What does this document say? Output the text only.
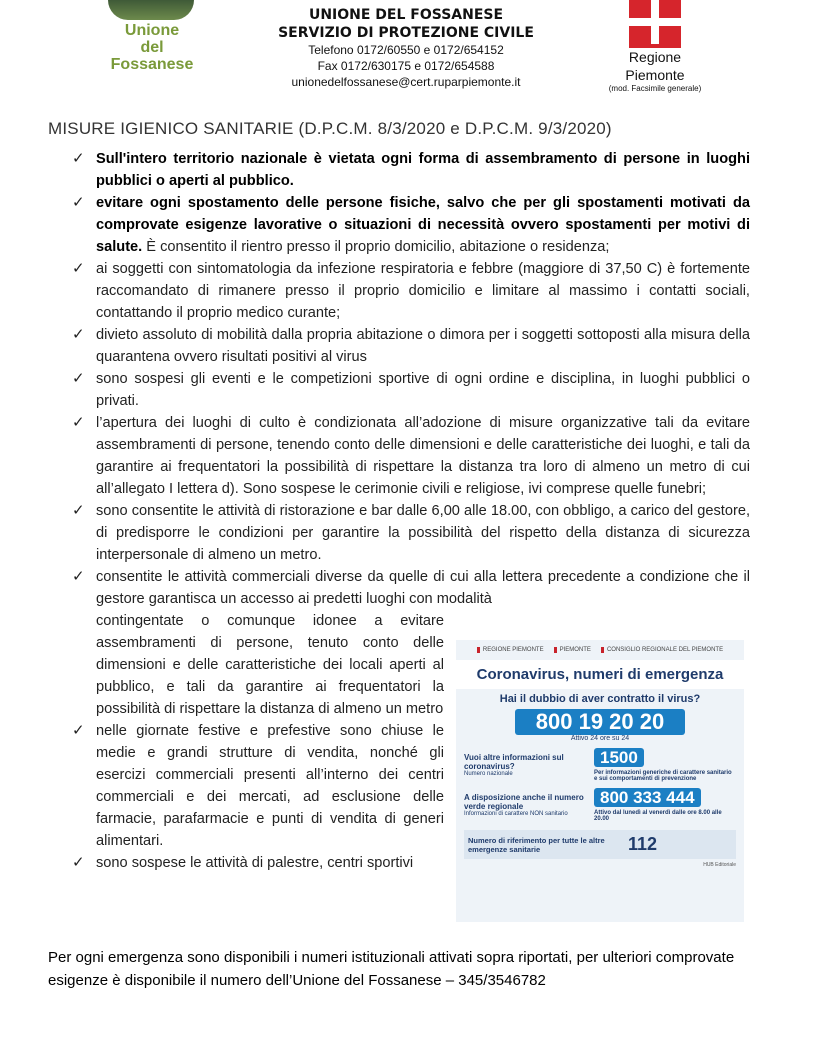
Unione
del
Fossanese
UNIONE DEL FOSSANESE
SERVIZIO DI PROTEZIONE CIVILE
Telefono 0172/60550 e 0172/654152
Fax 0172/630175 e 0172/654588
unionedelfossanese@cert.ruparpiemonte.it
Regione
Piemonte
(mod. Facsimile generale)
MISURE IGIENICO SANITARIE (D.P.C.M. 8/3/2020 e D.P.C.M. 9/3/2020)
✓ Sull'intero territorio nazionale è vietata ogni forma di assembramento di persone in luoghi pubblici o aperti al pubblico.
✓ evitare ogni spostamento delle persone fisiche, salvo che per gli spostamenti motivati da comprovate esigenze lavorative o situazioni di necessità ovvero spostamenti per motivi di salute. È consentito il rientro presso il proprio domicilio, abitazione o residenza;
✓ ai soggetti con sintomatologia da infezione respiratoria e febbre (maggiore di 37,50 C) è fortemente raccomandato di rimanere presso il proprio domicilio e limitare al massimo i contatti sociali, contattando il proprio medico curante;
✓ divieto assoluto di mobilità dalla propria abitazione o dimora per i soggetti sottoposti alla misura della quarantena ovvero risultati positivi al virus
✓ sono sospesi gli eventi e le competizioni sportive di ogni ordine e disciplina, in luoghi pubblici o privati.
✓ l’apertura dei luoghi di culto è condizionata all’adozione di misure organizzative tali da evitare assembramenti di persone, tenendo conto delle dimensioni e delle caratteristiche dei luoghi, e tali da garantire ai frequentatori la possibilità di rispettare la distanza tra loro di almeno un metro di cui all’allegato I lettera d). Sono sospese le cerimonie civili e religiose, ivi comprese quelle funebri;
✓ sono consentite le attività di ristorazione e bar dalle 6,00 alle 18.00, con obbligo, a carico del gestore, di predisporre le condizioni per garantire la possibilità del rispetto della distanza di sicurezza interpersonale di almeno un metro.
✓ consentite le attività commerciali diverse da quelle di cui alla lettera precedente a condizione che il gestore garantisca un accesso ai predetti luoghi con modalità
contingentate o comunque idonee a evitare assembramenti di persone, tenuto conto delle dimensioni e delle caratteristiche dei locali aperti al pubblico, e tali da garantire ai frequentatori la possibilità di rispettare la distanza di almeno un metro
✓ nelle giornate festive e prefestive sono chiuse le medie e grandi strutture di vendita, nonché gli esercizi commerciali presenti all’interno dei centri commerciali e dei mercati, ad esclusione delle farmacie, parafarmacie e punti di vendita di generi alimentari.
✓ sono sospese le attività di palestre, centri sportivi
REGIONE PIEMONTE	PIEMONTE	CONSIGLIO REGIONALE DEL PIEMONTE
Coronavirus, numeri di emergenza
Hai il dubbio di aver contratto il virus?
800 19 20 20
Attivo 24 ore su 24
Vuoi altre informazioni sul coronavirus?
Numero nazionale
1500
Per informazioni generiche di carattere sanitario e sui comportamenti di prevenzione
A disposizione anche il numero verde regionale
Informazioni di carattere NON sanitario
800 333 444
Attivo dal lunedì al venerdì dalle ore 8.00 alle 20.00
Numero di riferimento per tutte le altre emergenze sanitarie	112
HUB Editoriale
Per ogni emergenza sono disponibili i numeri istituzionali attivati sopra riportati, per ulteriori comprovate esigenze è disponibile il numero dell’Unione del Fossanese – 345/3546782
